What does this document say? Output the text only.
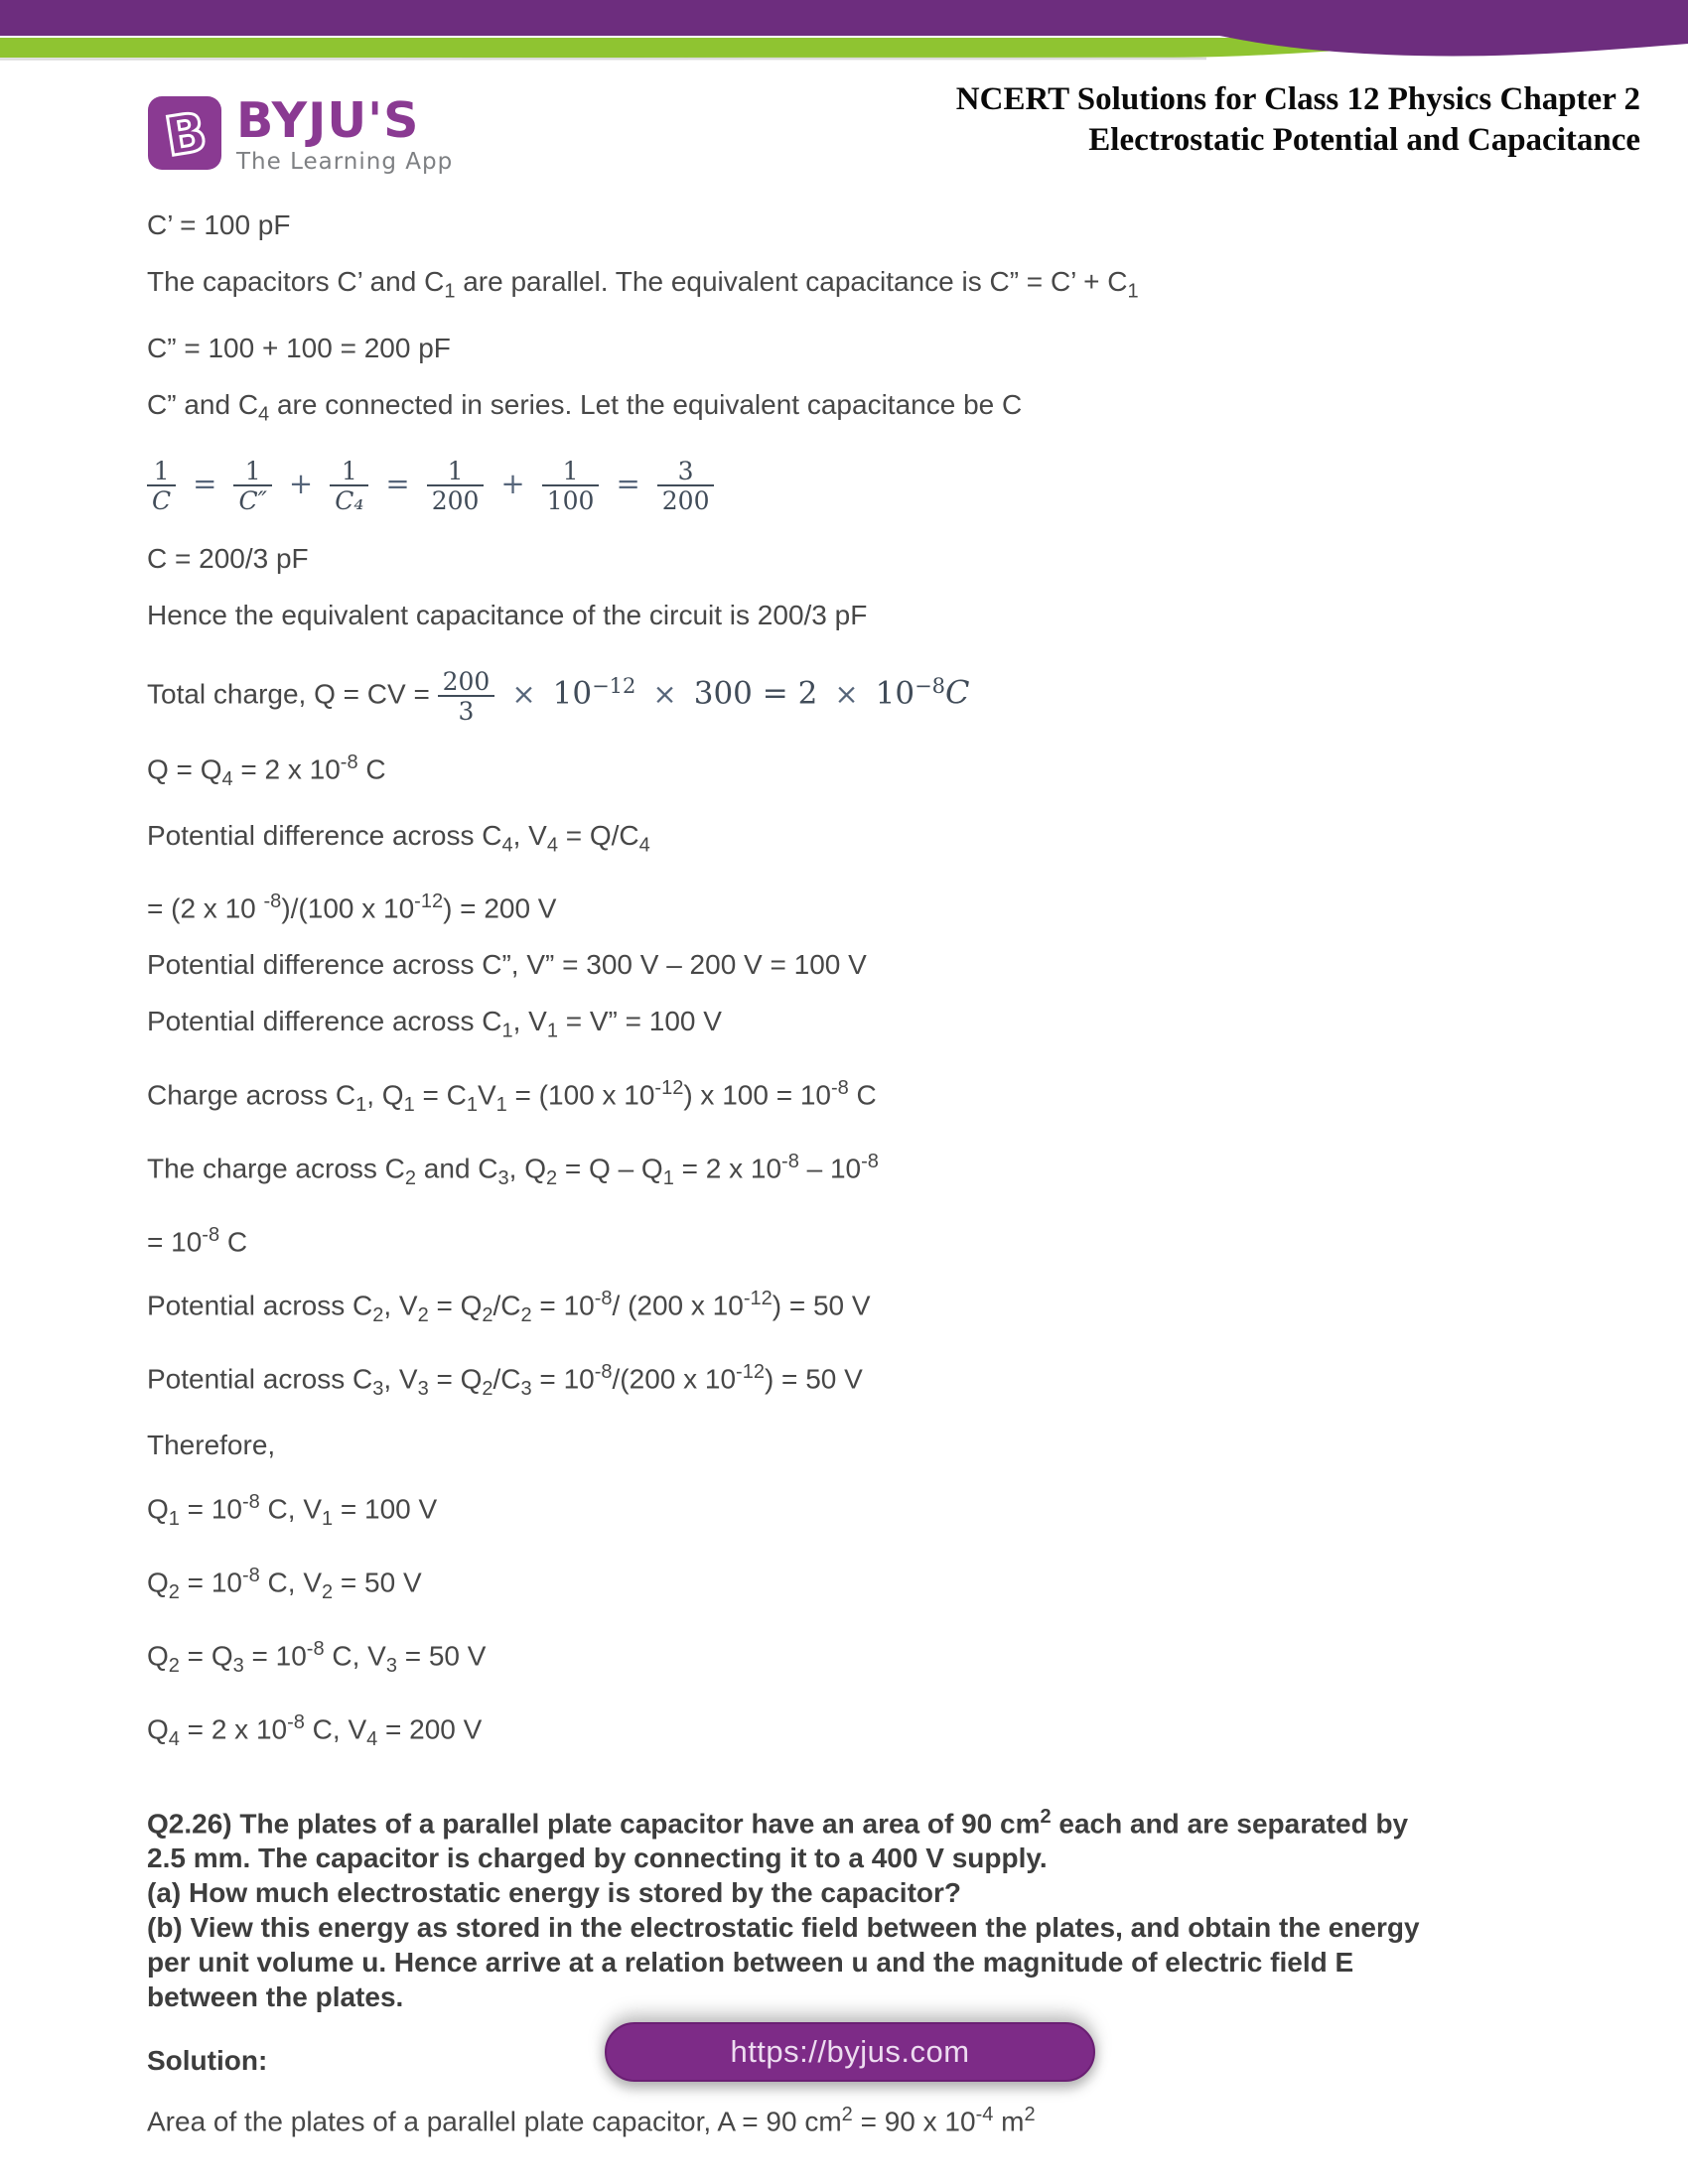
B BYJU'S
The Learning App
NCERT Solutions for Class 12 Physics Chapter 2
Electrostatic Potential and Capacitance

C’ = 100 pF

The capacitors C’ and $C_1$ are parallel. The equivalent capacitance is C” = C’ + $C_1$

C” = 100 + 100 = 200 pF

C” and $C_4$ are connected in series. Let the equivalent capacitance be C

$\frac{1}{C} = \frac{1}{C''} + \frac{1}{\text{C₄}} = \frac{1}{200} + \frac{1}{100} = \frac{3}{200}$

C = 200/3 pF

Hence the equivalent capacitance of the circuit is 200/3 pF

Total charge, Q = CV = $\frac{200}{3} \times 10^{-12} \times 300 = 2 \times 10^{-8}C$

$Q = Q_4 = 2$ x $10^{-8}$ C

Potential difference across $C_4$, $V_4 = Q/C_4$

= (2 x 10 $^{-8}$)/(100 x $10^{-12}) = 200$ V

Potential difference across C”, V” = 300 V – 200 V = 100 V

Potential difference across $C_1$, $V_1 = V$” = 100 V

Charge across $C_1$, $Q_1 = C_1V_1 = (100$ x $10^{-12}$) x $100 = 10^{-8}$ C

The charge across $C_2$ and $C_3$, $Q_2 = Q - Q_1 = 2$ x $10^{-8} - 10^{-8}$

= $10^{-8}$ C

Potential across $C_2$, $V_2 = Q_2/C_2 = 10^{-8}/$ (200 x $10^{-12}) = 50$ V

Potential across $C_3$, $V_3 = Q_2/C_3 = 10^{-8}/(200$ x $10^{-12}) = 50$ V

Therefore,

$Q_1 = 10^{-8}$ C, $V_1 = 100$ V

$Q_2 = 10^{-8}$ C, $V_2 = 50$ V

$Q_2 = Q_3 = 10^{-8}$ C, $V_3 = 50$ V

$Q_4 = 2$ x $10^{-8}$ C, $V_4 = 200$ V

Q2.26) The plates of a parallel plate capacitor have an area of 90 $cm^2$ each and are separated by

2.5 mm. The capacitor is charged by connecting it to a 400 V supply.

(a) How much electrostatic energy is stored by the capacitor?

(b) View this energy as stored in the electrostatic field between the plates, and obtain the energy

per unit volume u. Hence arrive at a relation between u and the magnitude of electric field E

between the plates.

Solution:

Area of the plates of a parallel plate capacitor, A = 90 $cm^2 = 90$ x $10^{-4}$ $m^2$

https://byjus.com
